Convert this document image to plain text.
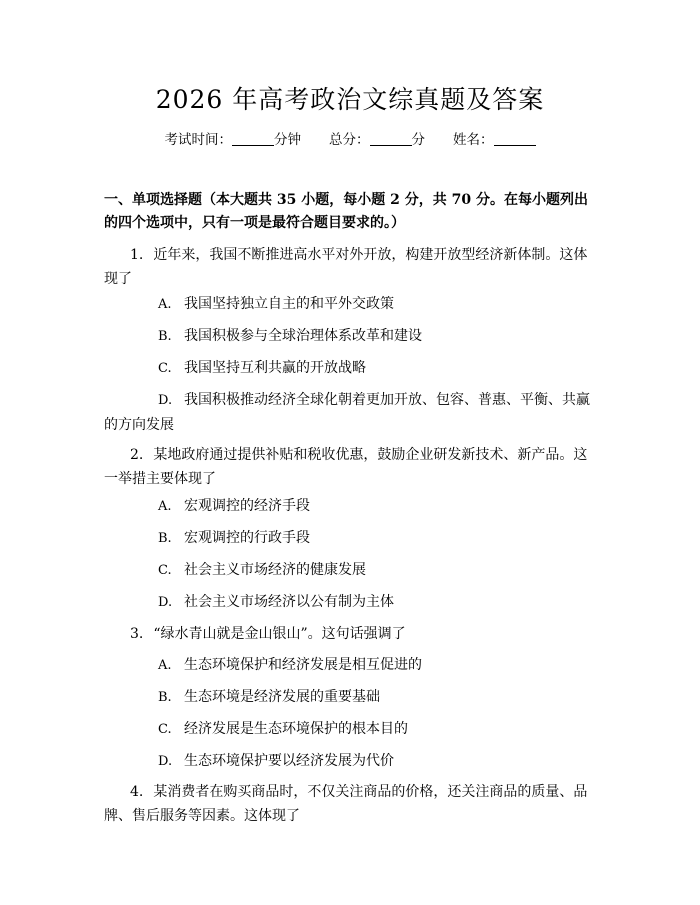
2026 年高考政治文综真题及答案
考试时间：	分钟 总分：	分 姓名：
一、单项选择题（本大题共 35 小题，每小题 2 分，共 70 分。在每小题列出的四个选项中，只有一项是最符合题目要求的。）
1. 近年来，我国不断推进高水平对外开放，构建开放型经济新体制。这体现了
A. 我国坚持独立自主的和平外交政策
B. 我国积极参与全球治理体系改革和建设
C. 我国坚持互利共赢的开放战略
D. 我国积极推动经济全球化朝着更加开放、包容、普惠、平衡、共赢的方向发展
2. 某地政府通过提供补贴和税收优惠，鼓励企业研发新技术、新产品。这一举措主要体现了
A. 宏观调控的经济手段
B. 宏观调控的行政手段
C. 社会主义市场经济的健康发展
D. 社会主义市场经济以公有制为主体
3. “绿水青山就是金山银山”。这句话强调了
A. 生态环境保护和经济发展是相互促进的
B. 生态环境是经济发展的重要基础
C. 经济发展是生态环境保护的根本目的
D. 生态环境保护要以经济发展为代价
4. 某消费者在购买商品时，不仅关注商品的价格，还关注商品的质量、品牌、售后服务等因素。这体现了
